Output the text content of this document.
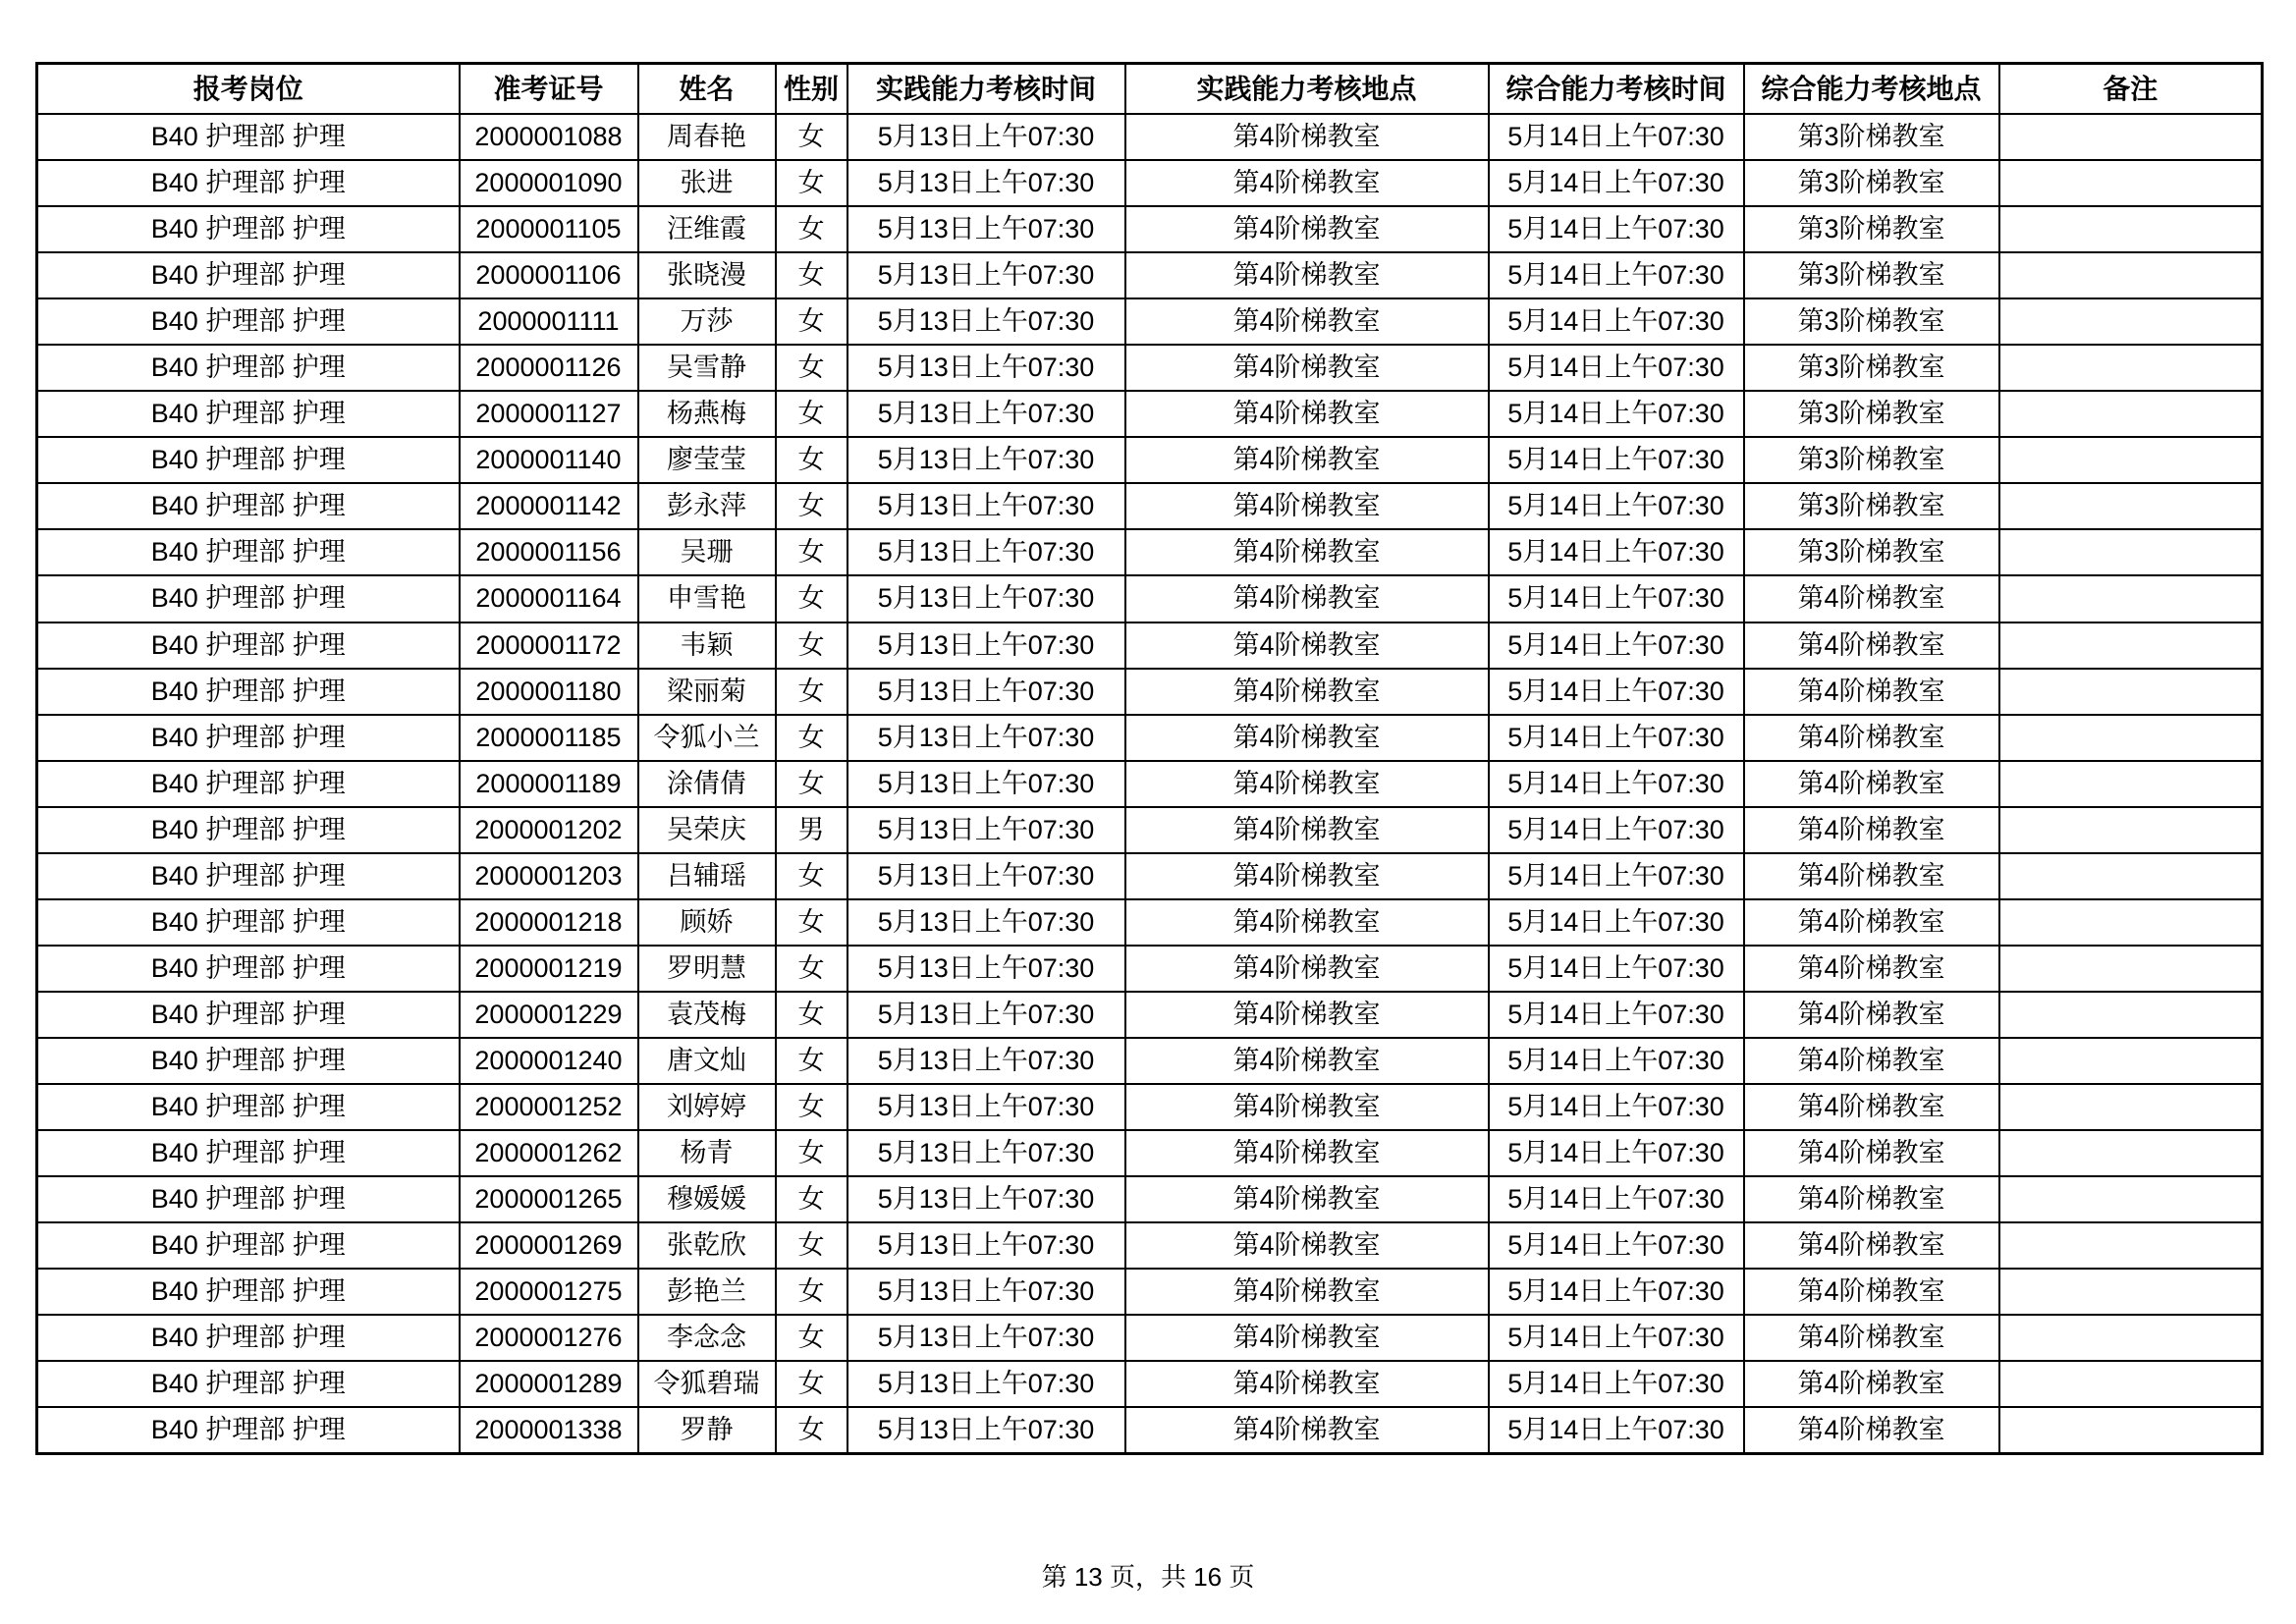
报考岗位	准考证号	姓名	性别	实践能力考核时间	实践能力考核地点	综合能力考核时间	综合能力考核地点	备注
B40 护理部 护理	2000001088	周春艳	女	5月13日上午07:30	第4阶梯教室	5月14日上午07:30	第3阶梯教室	
B40 护理部 护理	2000001090	张进	女	5月13日上午07:30	第4阶梯教室	5月14日上午07:30	第3阶梯教室	
B40 护理部 护理	2000001105	汪维霞	女	5月13日上午07:30	第4阶梯教室	5月14日上午07:30	第3阶梯教室	
B40 护理部 护理	2000001106	张晓漫	女	5月13日上午07:30	第4阶梯教室	5月14日上午07:30	第3阶梯教室	
B40 护理部 护理	2000001111	万莎	女	5月13日上午07:30	第4阶梯教室	5月14日上午07:30	第3阶梯教室	
B40 护理部 护理	2000001126	吴雪静	女	5月13日上午07:30	第4阶梯教室	5月14日上午07:30	第3阶梯教室	
B40 护理部 护理	2000001127	杨燕梅	女	5月13日上午07:30	第4阶梯教室	5月14日上午07:30	第3阶梯教室	
B40 护理部 护理	2000001140	廖莹莹	女	5月13日上午07:30	第4阶梯教室	5月14日上午07:30	第3阶梯教室	
B40 护理部 护理	2000001142	彭永萍	女	5月13日上午07:30	第4阶梯教室	5月14日上午07:30	第3阶梯教室	
B40 护理部 护理	2000001156	吴珊	女	5月13日上午07:30	第4阶梯教室	5月14日上午07:30	第3阶梯教室	
B40 护理部 护理	2000001164	申雪艳	女	5月13日上午07:30	第4阶梯教室	5月14日上午07:30	第4阶梯教室	
B40 护理部 护理	2000001172	韦颖	女	5月13日上午07:30	第4阶梯教室	5月14日上午07:30	第4阶梯教室	
B40 护理部 护理	2000001180	梁丽菊	女	5月13日上午07:30	第4阶梯教室	5月14日上午07:30	第4阶梯教室	
B40 护理部 护理	2000001185	令狐小兰	女	5月13日上午07:30	第4阶梯教室	5月14日上午07:30	第4阶梯教室	
B40 护理部 护理	2000001189	涂倩倩	女	5月13日上午07:30	第4阶梯教室	5月14日上午07:30	第4阶梯教室	
B40 护理部 护理	2000001202	吴荣庆	男	5月13日上午07:30	第4阶梯教室	5月14日上午07:30	第4阶梯教室	
B40 护理部 护理	2000001203	吕辅瑶	女	5月13日上午07:30	第4阶梯教室	5月14日上午07:30	第4阶梯教室	
B40 护理部 护理	2000001218	顾娇	女	5月13日上午07:30	第4阶梯教室	5月14日上午07:30	第4阶梯教室	
B40 护理部 护理	2000001219	罗明慧	女	5月13日上午07:30	第4阶梯教室	5月14日上午07:30	第4阶梯教室	
B40 护理部 护理	2000001229	袁茂梅	女	5月13日上午07:30	第4阶梯教室	5月14日上午07:30	第4阶梯教室	
B40 护理部 护理	2000001240	唐文灿	女	5月13日上午07:30	第4阶梯教室	5月14日上午07:30	第4阶梯教室	
B40 护理部 护理	2000001252	刘婷婷	女	5月13日上午07:30	第4阶梯教室	5月14日上午07:30	第4阶梯教室	
B40 护理部 护理	2000001262	杨青	女	5月13日上午07:30	第4阶梯教室	5月14日上午07:30	第4阶梯教室	
B40 护理部 护理	2000001265	穆媛媛	女	5月13日上午07:30	第4阶梯教室	5月14日上午07:30	第4阶梯教室	
B40 护理部 护理	2000001269	张乾欣	女	5月13日上午07:30	第4阶梯教室	5月14日上午07:30	第4阶梯教室	
B40 护理部 护理	2000001275	彭艳兰	女	5月13日上午07:30	第4阶梯教室	5月14日上午07:30	第4阶梯教室	
B40 护理部 护理	2000001276	李念念	女	5月13日上午07:30	第4阶梯教室	5月14日上午07:30	第4阶梯教室	
B40 护理部 护理	2000001289	令狐碧瑞	女	5月13日上午07:30	第4阶梯教室	5月14日上午07:30	第4阶梯教室	
B40 护理部 护理	2000001338	罗静	女	5月13日上午07:30	第4阶梯教室	5月14日上午07:30	第4阶梯教室	
第 13 页，共 16 页
